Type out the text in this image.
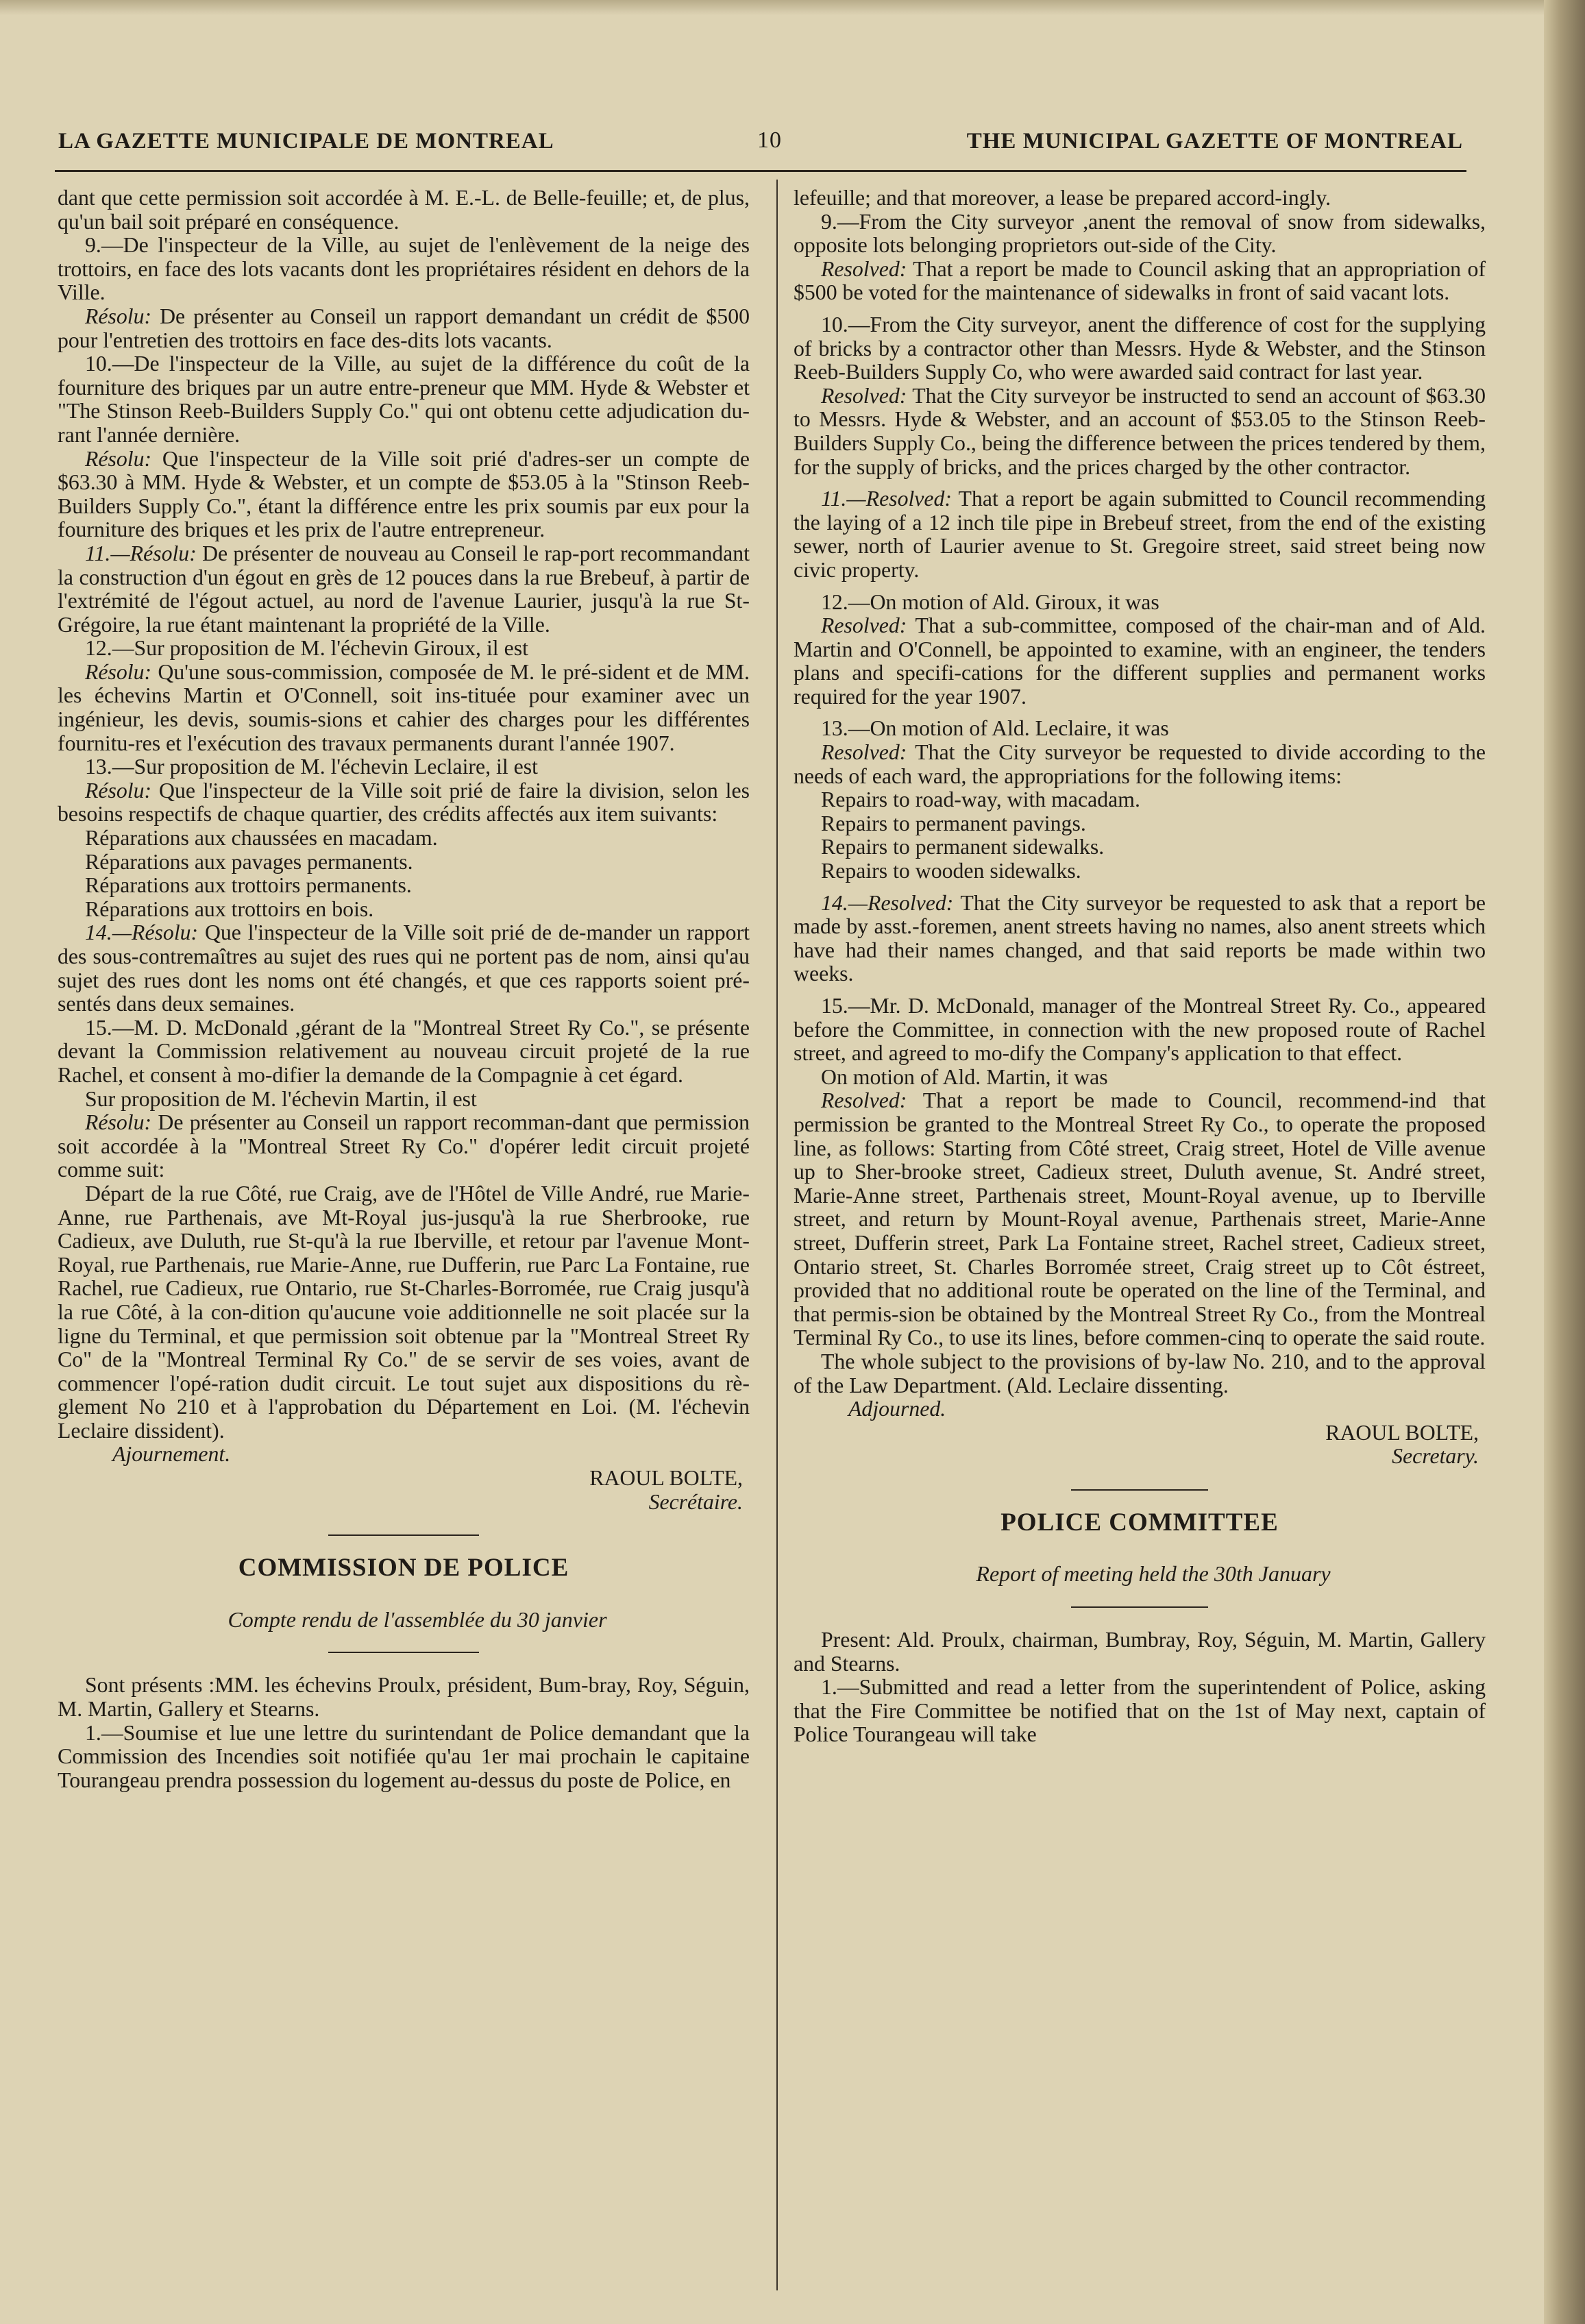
LA GAZETTE MUNICIPALE DE MONTREAL	10	THE MUNICIPAL GAZETTE OF MONTREAL

dant que cette permission soit accordée à M. E.-L. de Belle-feuille; et, de plus, qu'un bail soit préparé en conséquence.

9.—De l'inspecteur de la Ville, au sujet de l'enlèvement de la neige des trottoirs, en face des lots vacants dont les propriétaires résident en dehors de la Ville.

Résolu: De présenter au Conseil un rapport demandant un crédit de $500 pour l'entretien des trottoirs en face des-dits lots vacants.

10.—De l'inspecteur de la Ville, au sujet de la différence du coût de la fourniture des briques par un autre entre-preneur que MM. Hyde & Webster et "The Stinson Reeb-Builders Supply Co." qui ont obtenu cette adjudication du-rant l'année dernière.

Résolu: Que l'inspecteur de la Ville soit prié d'adres-ser un compte de $63.30 à MM. Hyde & Webster, et un compte de $53.05 à la "Stinson Reeb-Builders Supply Co.", étant la différence entre les prix soumis par eux pour la fourniture des briques et les prix de l'autre entrepreneur.

11.—Résolu: De présenter de nouveau au Conseil le rap-port recommandant la construction d'un égout en grès de 12 pouces dans la rue Brebeuf, à partir de l'extrémité de l'égout actuel, au nord de l'avenue Laurier, jusqu'à la rue St-Grégoire, la rue étant maintenant la propriété de la Ville.

12.—Sur proposition de M. l'échevin Giroux, il est

Résolu: Qu'une sous-commission, composée de M. le pré-sident et de MM. les échevins Martin et O'Connell, soit ins-tituée pour examiner avec un ingénieur, les devis, soumis-sions et cahier des charges pour les différentes fournitu-res et l'exécution des travaux permanents durant l'année 1907.

13.—Sur proposition de M. l'échevin Leclaire, il est

Résolu: Que l'inspecteur de la Ville soit prié de faire la division, selon les besoins respectifs de chaque quartier, des crédits affectés aux item suivants:

Réparations aux chaussées en macadam.

Réparations aux pavages permanents.

Réparations aux trottoirs permanents.

Réparations aux trottoirs en bois.

14.—Résolu: Que l'inspecteur de la Ville soit prié de de-mander un rapport des sous-contremaîtres au sujet des rues qui ne portent pas de nom, ainsi qu'au sujet des rues dont les noms ont été changés, et que ces rapports soient pré-sentés dans deux semaines.

15.—M. D. McDonald ,gérant de la "Montreal Street Ry Co.", se présente devant la Commission relativement au nouveau circuit projeté de la rue Rachel, et consent à mo-difier la demande de la Compagnie à cet égard.

Sur proposition de M. l'échevin Martin, il est

Résolu: De présenter au Conseil un rapport recomman-dant que permission soit accordée à la "Montreal Street Ry Co." d'opérer ledit circuit projeté comme suit:

Départ de la rue Côté, rue Craig, ave de l'Hôtel de Ville André, rue Marie-Anne, rue Parthenais, ave Mt-Royal jus-jusqu'à la rue Sherbrooke, rue Cadieux, ave Duluth, rue St-qu'à la rue Iberville, et retour par l'avenue Mont-Royal, rue Parthenais, rue Marie-Anne, rue Dufferin, rue Parc La Fontaine, rue Rachel, rue Cadieux, rue Ontario, rue St-Charles-Borromée, rue Craig jusqu'à la rue Côté, à la con-dition qu'aucune voie additionnelle ne soit placée sur la ligne du Terminal, et que permission soit obtenue par la "Montreal Street Ry Co" de la "Montreal Terminal Ry Co." de se servir de ses voies, avant de commencer l'opé-ration dudit circuit. Le tout sujet aux dispositions du rè-glement No 210 et à l'approbation du Département en Loi. (M. l'échevin Leclaire dissident).

Ajournement.

RAOUL BOLTE,

Secrétaire.

COMMISSION DE POLICE

Compte rendu de l'assemblée du 30 janvier

Sont présents :MM. les échevins Proulx, président, Bum-bray, Roy, Séguin, M. Martin, Gallery et Stearns.

1.—Soumise et lue une lettre du surintendant de Police demandant que la Commission des Incendies soit notifiée qu'au 1er mai prochain le capitaine Tourangeau prendra possession du logement au-dessus du poste de Police, en

lefeuille; and that moreover, a lease be prepared accord-ingly.

9.—From the City surveyor ,anent the removal of snow from sidewalks, opposite lots belonging proprietors out-side of the City.

Resolved: That a report be made to Council asking that an appropriation of $500 be voted for the maintenance of sidewalks in front of said vacant lots.

10.—From the City surveyor, anent the difference of cost for the supplying of bricks by a contractor other than Messrs. Hyde & Webster, and the Stinson Reeb-Builders Supply Co, who were awarded said contract for last year.

Resolved: That the City surveyor be instructed to send an account of $63.30 to Messrs. Hyde & Webster, and an account of $53.05 to the Stinson Reeb-Builders Supply Co., being the difference between the prices tendered by them, for the supply of bricks, and the prices charged by the other contractor.

11.—Resolved: That a report be again submitted to Council recommending the laying of a 12 inch tile pipe in Brebeuf street, from the end of the existing sewer, north of Laurier avenue to St. Gregoire street, said street being now civic property.

12.—On motion of Ald. Giroux, it was

Resolved: That a sub-committee, composed of the chair-man and of Ald. Martin and O'Connell, be appointed to examine, with an engineer, the tenders plans and specifi-cations for the different supplies and permanent works required for the year 1907.

13.—On motion of Ald. Leclaire, it was

Resolved: That the City surveyor be requested to divide according to the needs of each ward, the appropriations for the following items:

Repairs to road-way, with macadam.

Repairs to permanent pavings.

Repairs to permanent sidewalks.

Repairs to wooden sidewalks.

14.—Resolved: That the City surveyor be requested to ask that a report be made by asst.-foremen, anent streets having no names, also anent streets which have had their names changed, and that said reports be made within two weeks.

15.—Mr. D. McDonald, manager of the Montreal Street Ry. Co., appeared before the Committee, in connection with the new proposed route of Rachel street, and agreed to mo-dify the Company's application to that effect.

On motion of Ald. Martin, it was

Resolved: That a report be made to Council, recommend-ind that permission be granted to the Montreal Street Ry Co., to operate the proposed line, as follows: Starting from Côté street, Craig street, Hotel de Ville avenue up to Sher-brooke street, Cadieux street, Duluth avenue, St. André street, Marie-Anne street, Parthenais street, Mount-Royal avenue, up to Iberville street, and return by Mount-Royal avenue, Parthenais street, Marie-Anne street, Dufferin street, Park La Fontaine street, Rachel street, Cadieux street, Ontario street, St. Charles Borromée street, Craig street up to Côt éstreet, provided that no additional route be operated on the line of the Terminal, and that permis-sion be obtained by the Montreal Street Ry Co., from the Montreal Terminal Ry Co., to use its lines, before commen-cinq to operate the said route.

The whole subject to the provisions of by-law No. 210, and to the approval of the Law Department. (Ald. Leclaire dissenting.

Adjourned.

RAOUL BOLTE,

Secretary.

POLICE COMMITTEE

Report of meeting held the 30th January

Present: Ald. Proulx, chairman, Bumbray, Roy, Séguin, M. Martin, Gallery and Stearns.

1.—Submitted and read a letter from the superintendent of Police, asking that the Fire Committee be notified that on the 1st of May next, captain of Police Tourangeau will take
